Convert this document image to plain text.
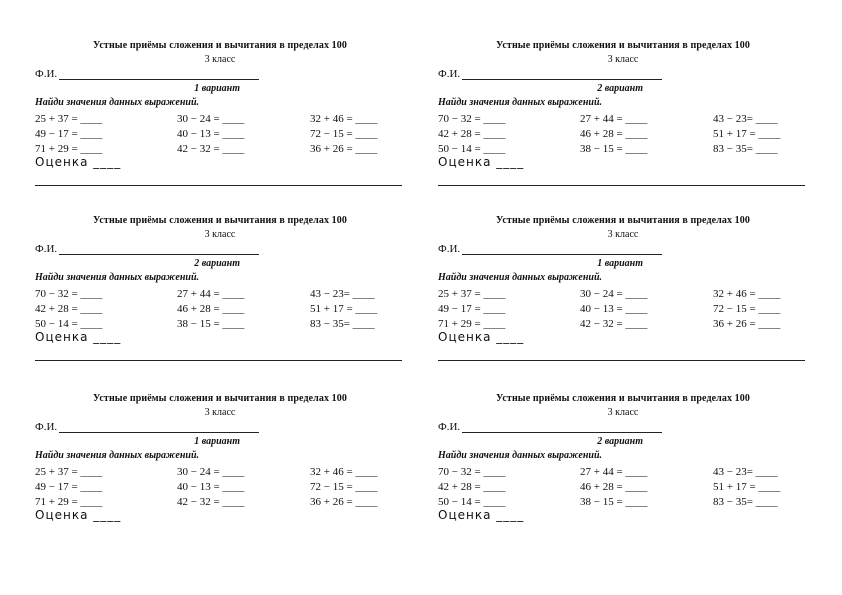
Устные приёмы сложения и вычитания в пределах 100
3 класс
Ф.И.
1 вариант
Найди значения данных выражений.
25 + 37 = ____
49 − 17 = ____
71 + 29 = ____
30 − 24 = ____
40 − 13 = ____
42 − 32 = ____
32 + 46 = ____
72 − 15 = ____
36 + 26 = ____
Оценка ____
Устные приёмы сложения и вычитания в пределах 100
3 класс
Ф.И.
2 вариант
Найди значения данных выражений.
70 − 32 = ____
42 + 28 = ____
50 − 14 = ____
27 + 44 = ____
46 + 28 = ____
38 − 15 = ____
43 − 23= ____
51 + 17 = ____
83 − 35= ____
Оценка ____
Устные приёмы сложения и вычитания в пределах 100
3 класс
Ф.И.
2 вариант
Найди значения данных выражений.
70 − 32 = ____
42 + 28 = ____
50 − 14 = ____
27 + 44 = ____
46 + 28 = ____
38 − 15 = ____
43 − 23= ____
51 + 17 = ____
83 − 35= ____
Оценка ____
Устные приёмы сложения и вычитания в пределах 100
3 класс
Ф.И.
1 вариант
Найди значения данных выражений.
25 + 37 = ____
49 − 17 = ____
71 + 29 = ____
30 − 24 = ____
40 − 13 = ____
42 − 32 = ____
32 + 46 = ____
72 − 15 = ____
36 + 26 = ____
Оценка ____
Устные приёмы сложения и вычитания в пределах 100
3 класс
Ф.И.
1 вариант
Найди значения данных выражений.
25 + 37 = ____
49 − 17 = ____
71 + 29 = ____
30 − 24 = ____
40 − 13 = ____
42 − 32 = ____
32 + 46 = ____
72 − 15 = ____
36 + 26 = ____
Оценка ____
Устные приёмы сложения и вычитания в пределах 100
3 класс
Ф.И.
2 вариант
Найди значения данных выражений.
70 − 32 = ____
42 + 28 = ____
50 − 14 = ____
27 + 44 = ____
46 + 28 = ____
38 − 15 = ____
43 − 23= ____
51 + 17 = ____
83 − 35= ____
Оценка ____
